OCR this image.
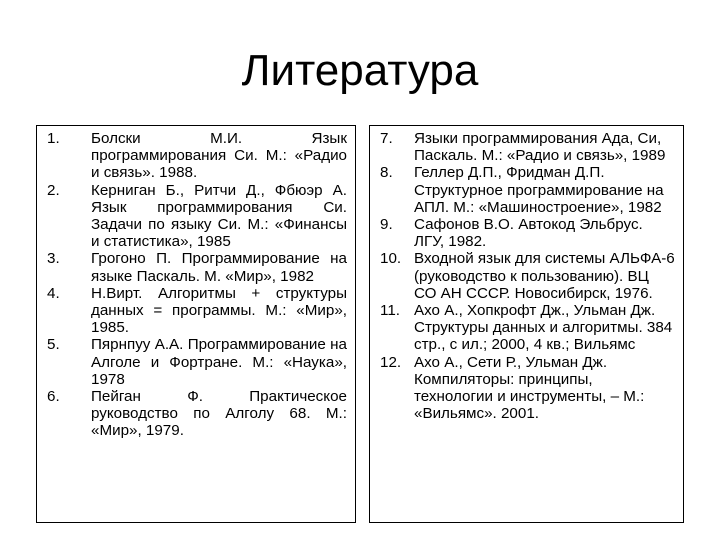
Литература
1.	Болски М.И. Язык программирования Си. М.: «Радио и связь». 1988.
2.	Керниган Б., Ритчи Д., Фбюэр А. Язык программирования Си. Задачи по языку Си. М.: «Финансы и статистика», 1985
3.	Грогоно П. Программирование на языке Паскаль. М. «Мир», 1982
4.	Н.Вирт. Алгоритмы + структуры данных = программы. М.: «Мир», 1985.
5.	Пярнпуу А.А. Программирование на Алголе и Фортране. М.: «Наука», 1978
6.	Пейган Ф. Практическое руководство по Алголу 68. М.: «Мир», 1979.
7.	Языки программирования Ада, Си, Паскаль. М.: «Радио и связь», 1989
8.	Геллер Д.П., Фридман Д.П. Структурное программирование на АПЛ. М.: «Машиностроение», 1982
9.	Сафонов В.О. Автокод Эльбрус. ЛГУ, 1982.
10. Входной язык для системы АЛЬФА-6 (руководство к пользованию). ВЦ СО АН СССР. Новосибирск, 1976.
11. Ахо А., Хопкрофт Дж., Ульман Дж. Структуры данных и алгоритмы. 384 стр., с ил.; 2000, 4 кв.; Вильямс
12. Ахо А., Сети Р., Ульман Дж. Компиляторы: принципы, технологии и инструменты, – М.: «Вильямс». 2001.
